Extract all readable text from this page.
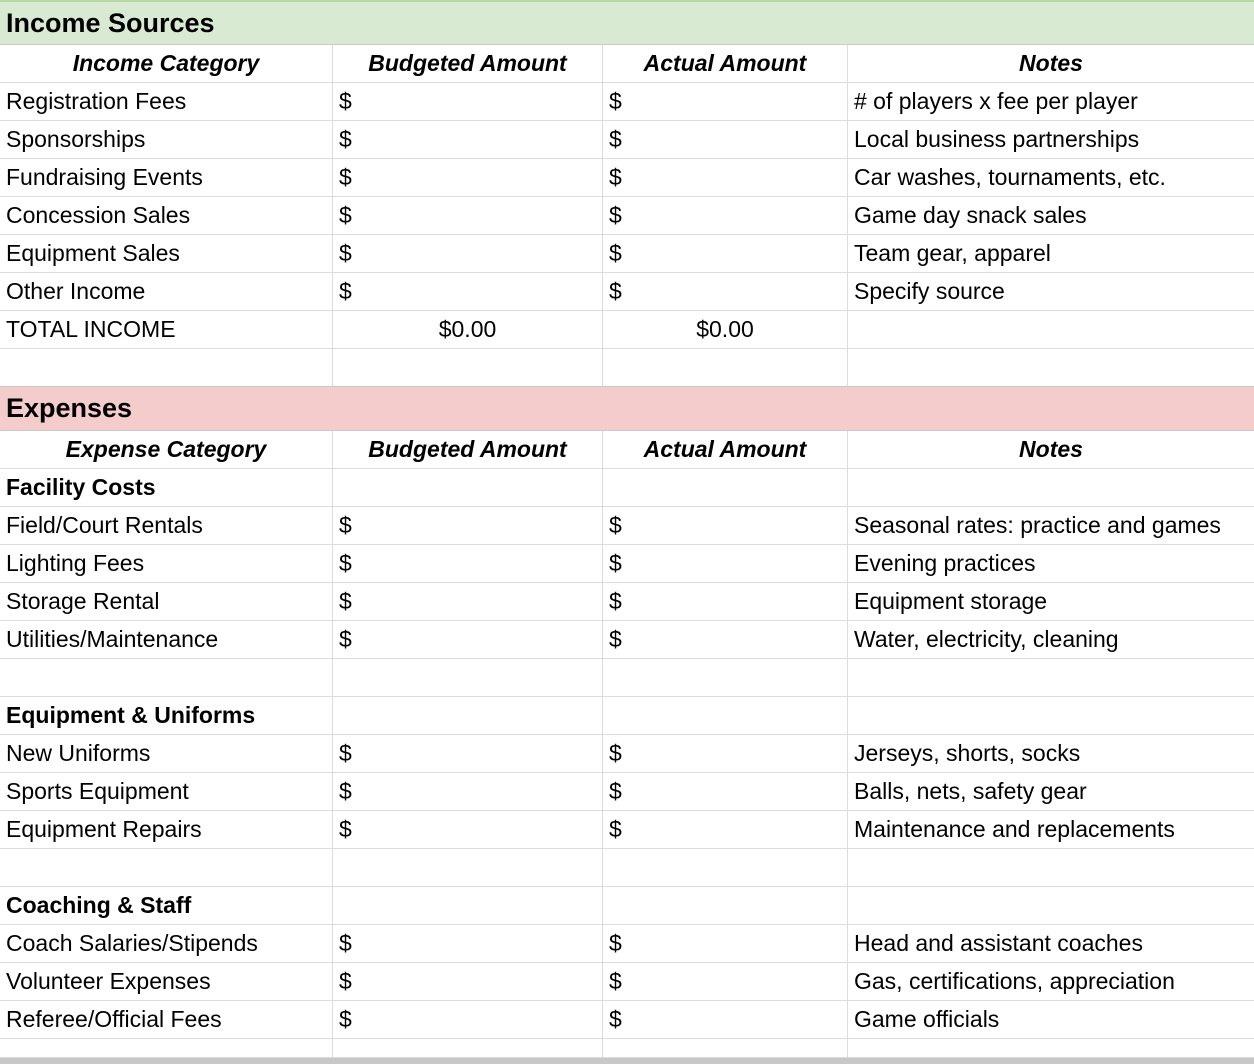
Income Sources
Income Category	Budgeted Amount	Actual Amount	Notes
Registration Fees	$	$	# of players x fee per player
Sponsorships	$	$	Local business partnerships
Fundraising Events	$	$	Car washes, tournaments, etc.
Concession Sales	$	$	Game day snack sales
Equipment Sales	$	$	Team gear, apparel
Other Income	$	$	Specify source
TOTAL INCOME	$0.00	$0.00
Expenses
Expense Category	Budgeted Amount	Actual Amount	Notes
Facility Costs
Field/Court Rentals	$	$	Seasonal rates: practice and games
Lighting Fees	$	$	Evening practices
Storage Rental	$	$	Equipment storage
Utilities/Maintenance	$	$	Water, electricity, cleaning
Equipment & Uniforms
New Uniforms	$	$	Jerseys, shorts, socks
Sports Equipment	$	$	Balls, nets, safety gear
Equipment Repairs	$	$	Maintenance and replacements
Coaching & Staff
Coach Salaries/Stipends	$	$	Head and assistant coaches
Volunteer Expenses	$	$	Gas, certifications, appreciation
Referee/Official Fees	$	$	Game officials
